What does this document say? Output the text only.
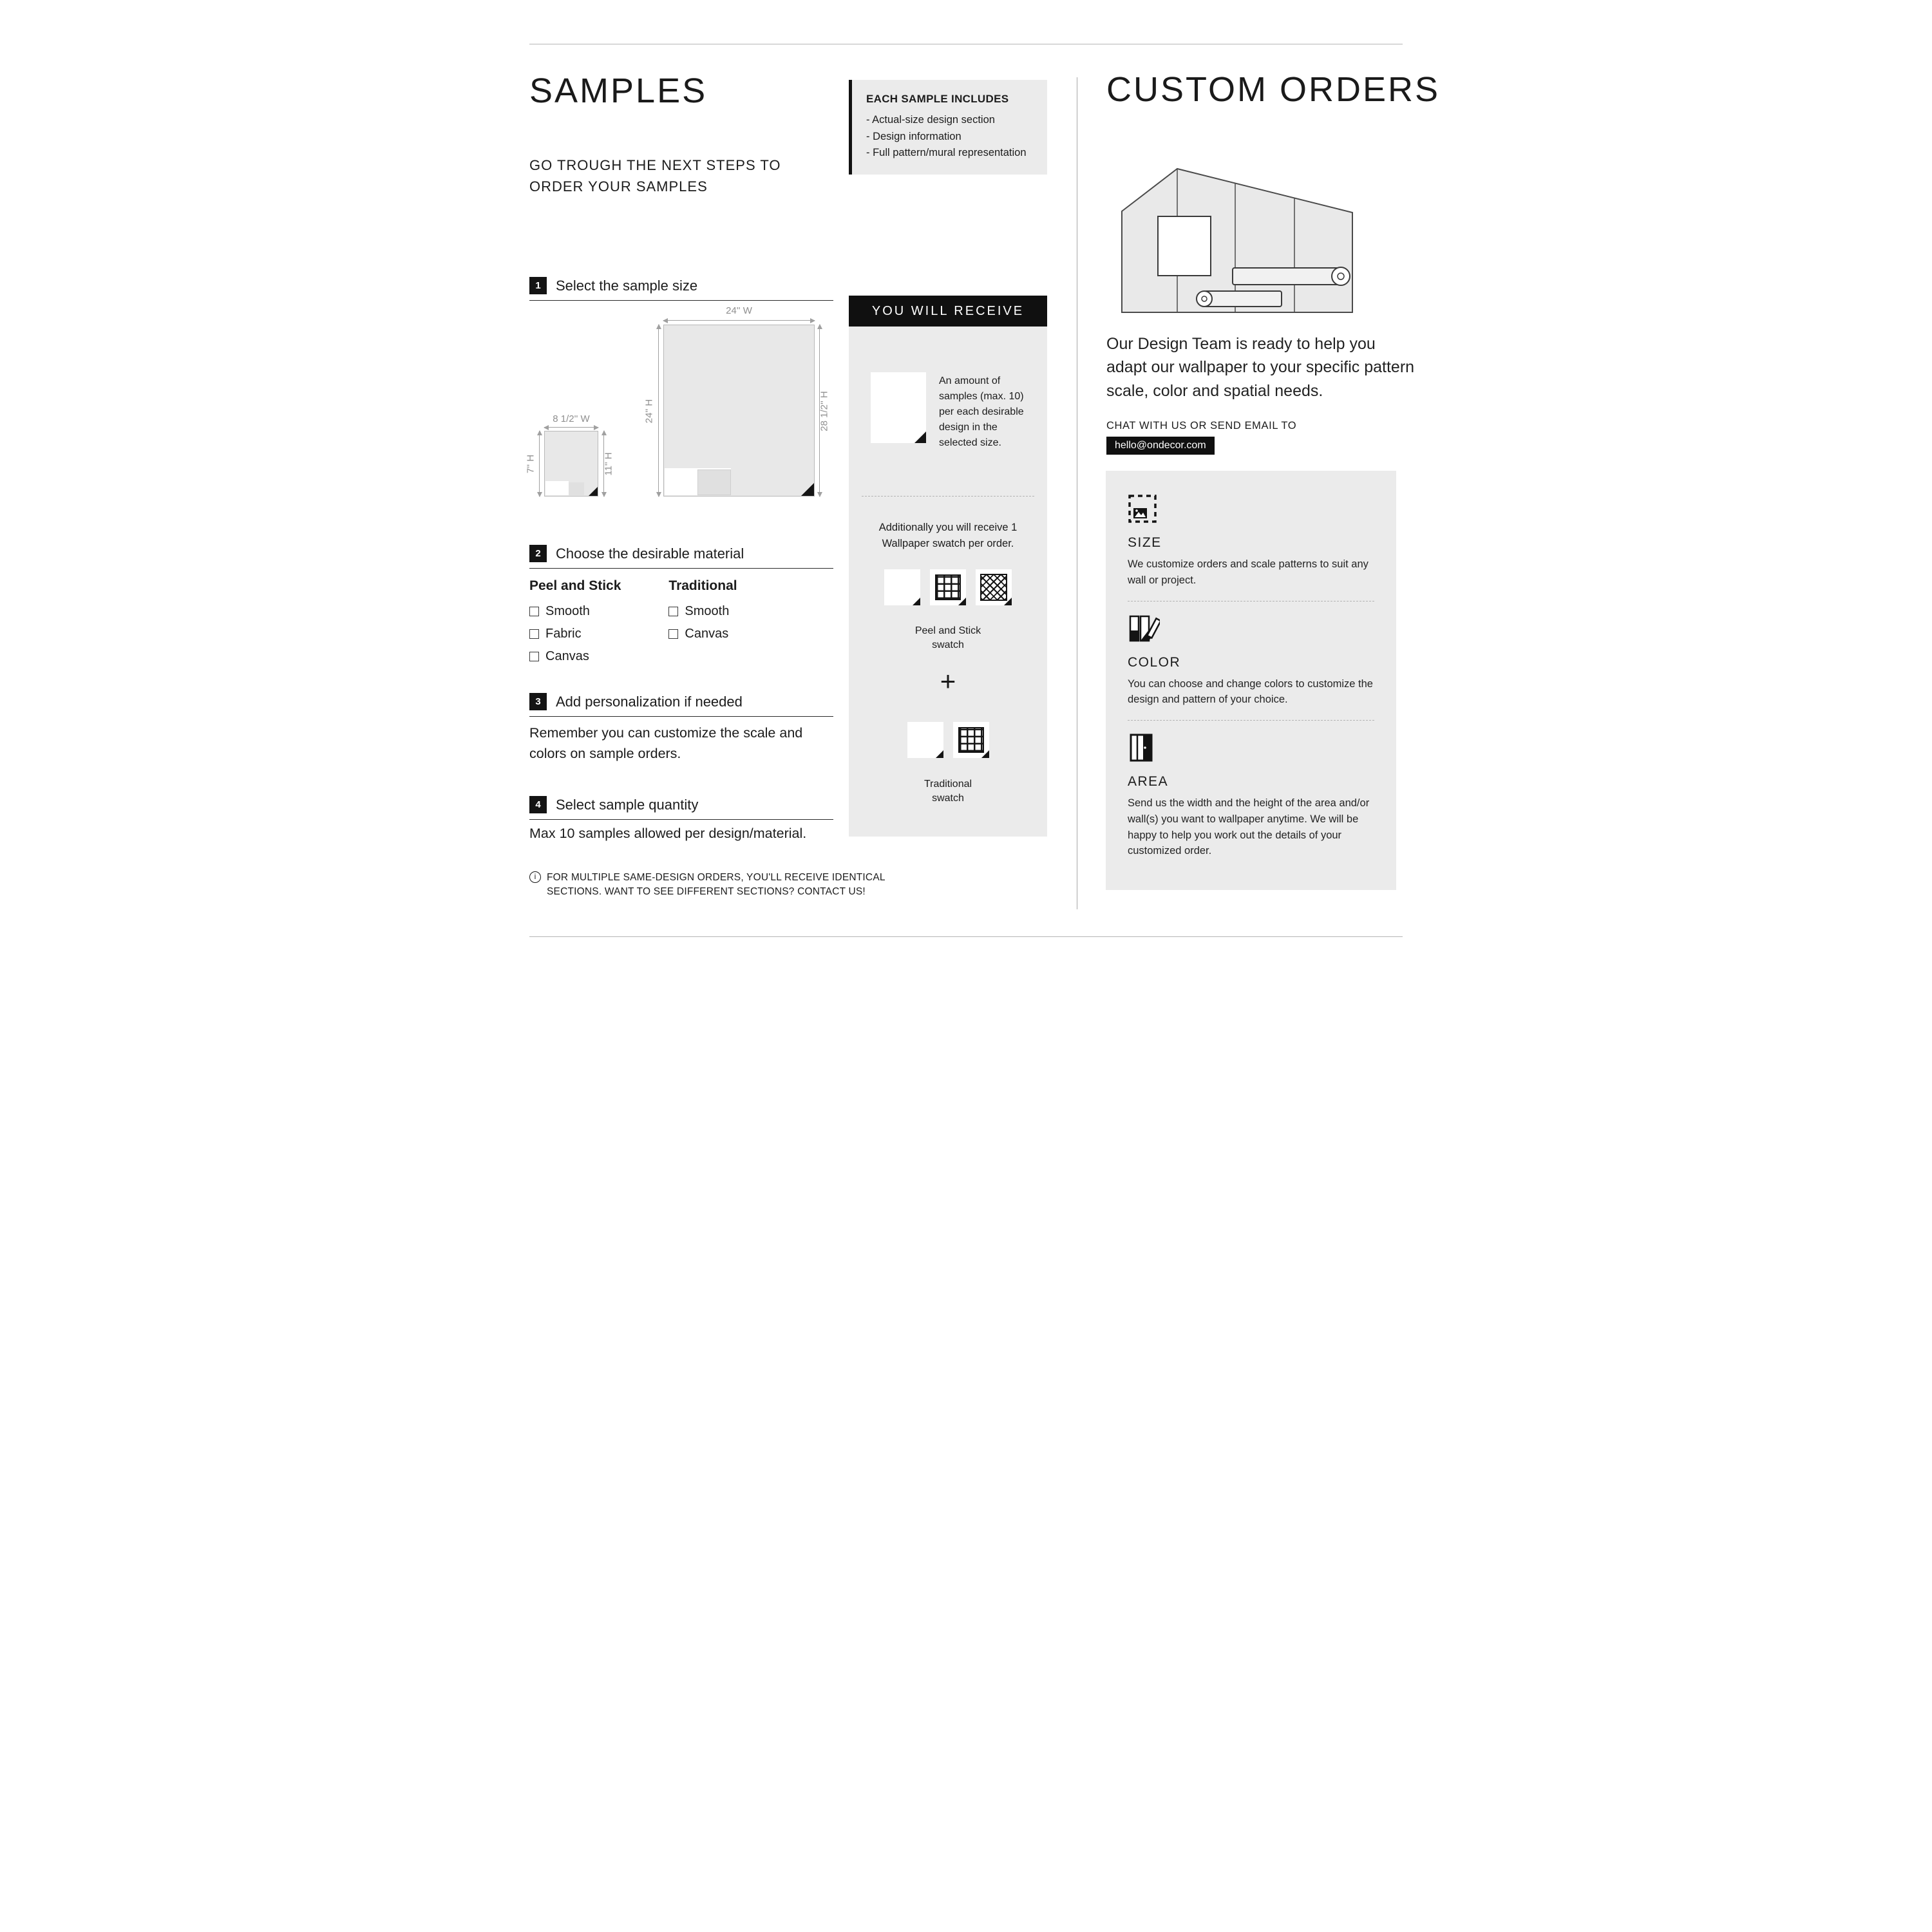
SAMPLES

GO TROUGH THE NEXT STEPS TO ORDER YOUR SAMPLES

EACH SAMPLE INCLUDES
- Actual-size design section
- Design information
- Full pattern/mural representation
1	Select the sample size
24'' W
24'' H	28 1/2'' H
8 1/2'' W
7'' H	11'' H
2	Choose the desirable material
Peel and Stick
Smooth
Fabric
Canvas
Traditional
Smooth
Canvas
3	Add personalization if needed

Remember you can customize the scale and colors on sample orders.

4	Select sample quantity

Max 10 samples allowed per design/material.

i	FOR MULTIPLE SAME-DESIGN ORDERS, YOU'LL RECEIVE IDENTICAL SECTIONS. WANT TO SEE DIFFERENT SECTIONS? CONTACT US!
YOU WILL RECEIVE

An amount of samples (max. 10) per each desirable design in the selected size.

Additionally you will receive 1 Wallpaper swatch per order.

Peel and Stick swatch

+

Traditional swatch

CUSTOM ORDERS

Our Design Team is ready to help you adapt our wallpaper to your specific pattern scale, color and spatial needs.

CHAT WITH US OR SEND EMAIL TO

hello@ondecor.com
SIZE

We customize orders and scale patterns to suit any wall or project.

COLOR

You can choose and change colors to customize the design and pattern of your choice.

AREA

Send us the width and the height of the area and/or wall(s) you want to wallpaper anytime. We will be happy to help you work out the details of your customized order.
